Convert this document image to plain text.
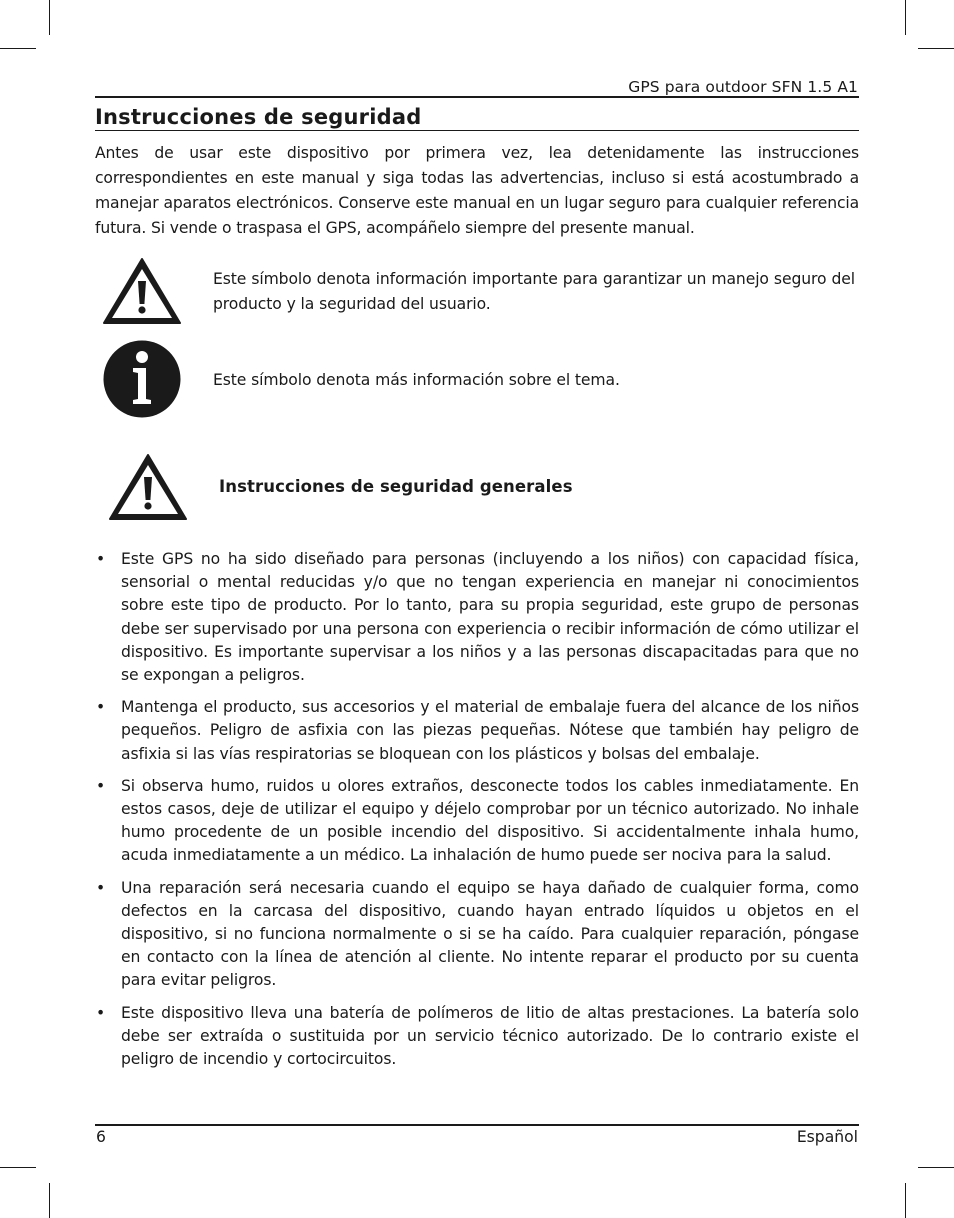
GPS para outdoor SFN 1.5 A1
Instrucciones de seguridad
Antes de usar este dispositivo por primera vez, lea detenidamente las instrucciones correspondientes en este manual y siga todas las advertencias, incluso si está acostumbrado a manejar aparatos electrónicos. Conserve este manual en un lugar seguro para cualquier referencia futura. Si vende o traspasa el GPS, acompáñelo siempre del presente manual.
Este símbolo denota información importante para garantizar un manejo seguro del producto y la seguridad del usuario.
Este símbolo denota más información sobre el tema.
Instrucciones de seguridad generales
• Este GPS no ha sido diseñado para personas (incluyendo a los niños) con capacidad física, sensorial o mental reducidas y/o que no tengan experiencia en manejar ni conocimientos sobre este tipo de producto. Por lo tanto, para su propia seguridad, este grupo de personas debe ser supervisado por una persona con experiencia o recibir información de cómo utilizar el dispositivo. Es importante supervisar a los niños y a las personas discapacitadas para que no se expongan a peligros.
• Mantenga el producto, sus accesorios y el material de embalaje fuera del alcance de los niños pequeños. Peligro de asfixia con las piezas pequeñas. Nótese que también hay peligro de asfixia si las vías respiratorias se bloquean con los plásticos y bolsas del embalaje.
• Si observa humo, ruidos u olores extraños, desconecte todos los cables inmediatamente. En estos casos, deje de utilizar el equipo y déjelo comprobar por un técnico autorizado. No inhale humo procedente de un posible incendio del dispositivo. Si accidentalmente inhala humo, acuda inmediatamente a un médico. La inhalación de humo puede ser nociva para la salud.
• Una reparación será necesaria cuando el equipo se haya dañado de cualquier forma, como defectos en la carcasa del dispositivo, cuando hayan entrado líquidos u objetos en el dispositivo, si no funciona normalmente o si se ha caído. Para cualquier reparación, póngase en contacto con la línea de atención al cliente. No intente reparar el producto por su cuenta para evitar peligros.
• Este dispositivo lleva una batería de polímeros de litio de altas prestaciones. La batería solo debe ser extraída o sustituida por un servicio técnico autorizado. De lo contrario existe el peligro de incendio y cortocircuitos.
6	Español
